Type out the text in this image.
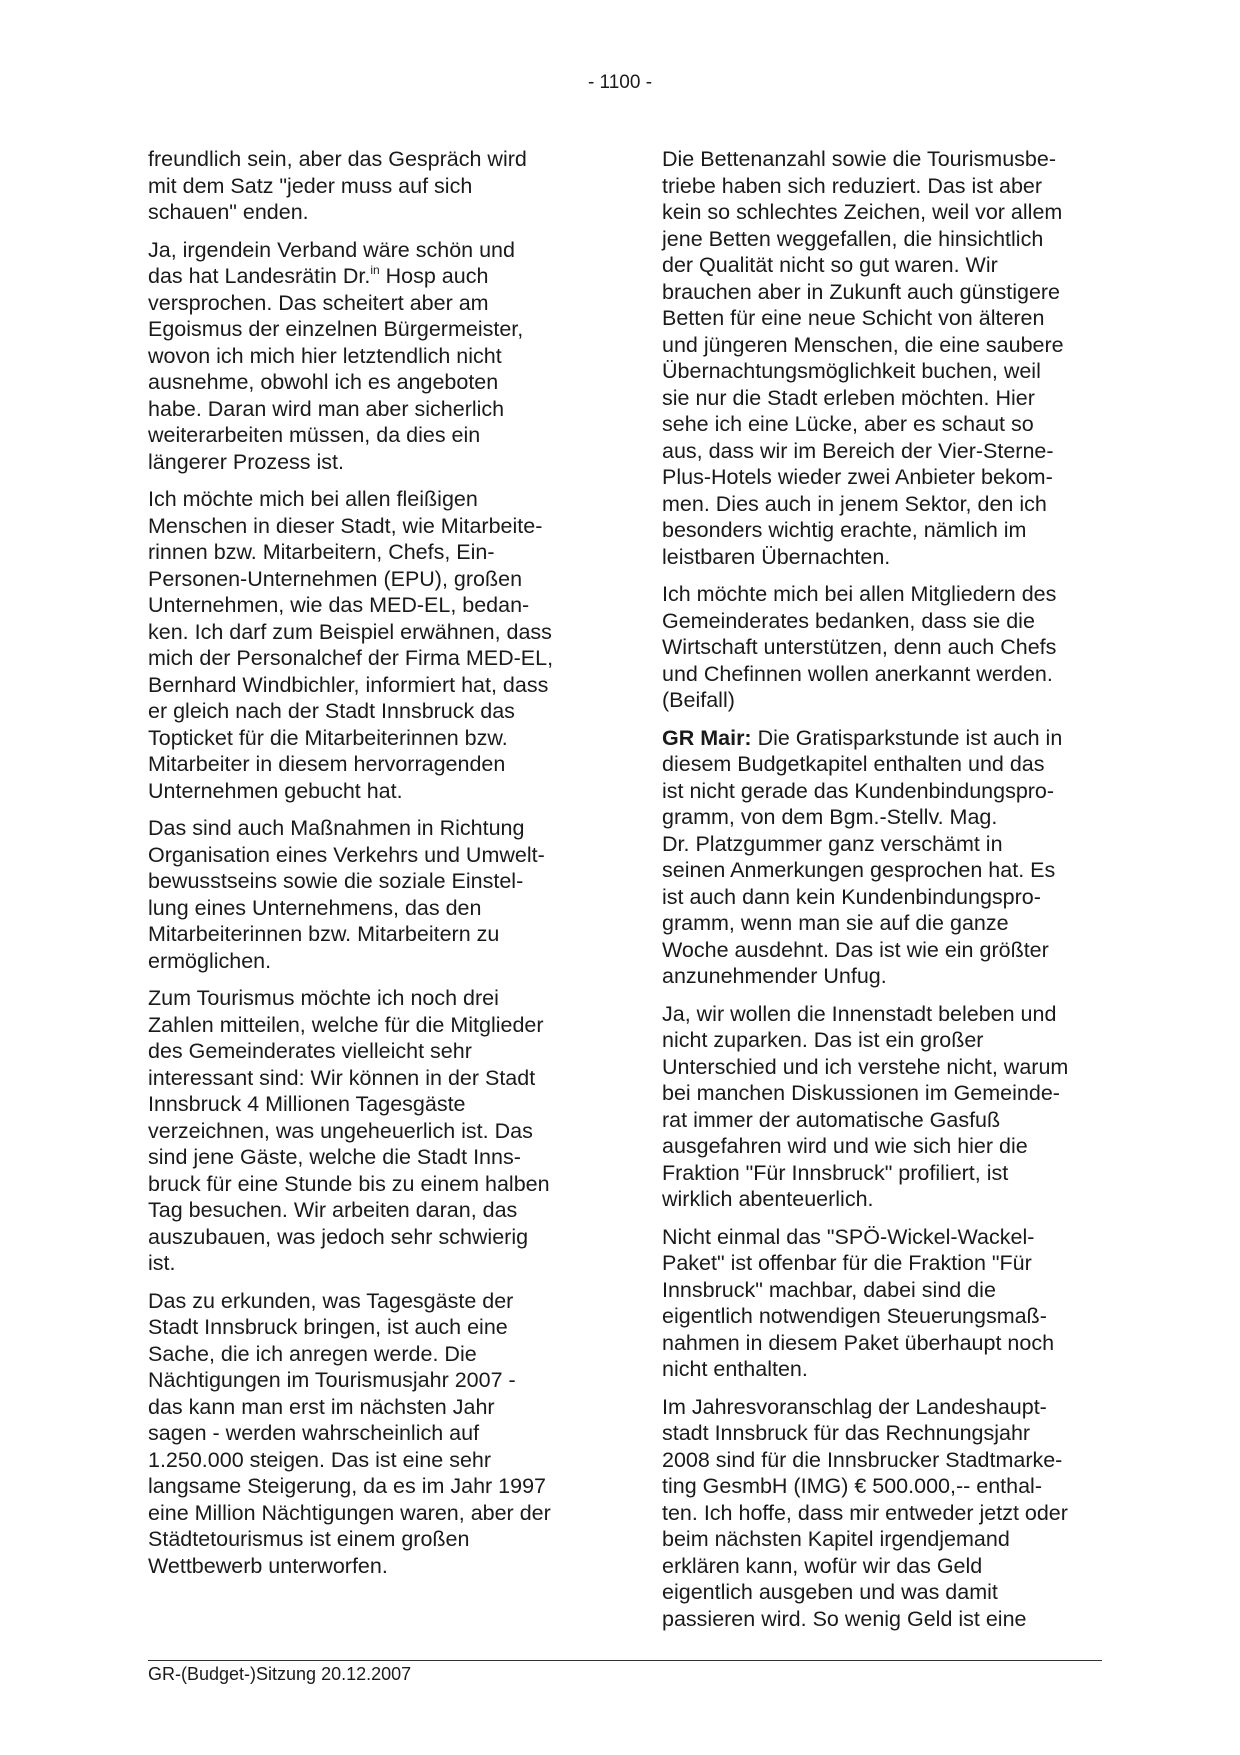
- 1100 -

freundlich sein, aber das Gespräch wird
mit dem Satz "jeder muss auf sich
schauen" enden.

Ja, irgendein Verband wäre schön und
das hat Landesrätin Dr.$^{in}$ Hosp auch
versprochen. Das scheitert aber am
Egoismus der einzelnen Bürgermeister,
wovon ich mich hier letztendlich nicht
ausnehme, obwohl ich es angeboten
habe. Daran wird man aber sicherlich
weiterarbeiten müssen, da dies ein
längerer Prozess ist.

Ich möchte mich bei allen fleißigen
Menschen in dieser Stadt, wie Mitarbeite-
rinnen bzw. Mitarbeitern, Chefs, Ein-
Personen-Unternehmen (EPU), großen
Unternehmen, wie das MED-EL, bedan-
ken. Ich darf zum Beispiel erwähnen, dass
mich der Personalchef der Firma MED-EL,
Bernhard Windbichler, informiert hat, dass
er gleich nach der Stadt Innsbruck das
Topticket für die Mitarbeiterinnen bzw.
Mitarbeiter in diesem hervorragenden
Unternehmen gebucht hat.

Das sind auch Maßnahmen in Richtung
Organisation eines Verkehrs und Umwelt-
bewusstseins sowie die soziale Einstel-
lung eines Unternehmens, das den
Mitarbeiterinnen bzw. Mitarbeitern zu
ermöglichen.

Zum Tourismus möchte ich noch drei
Zahlen mitteilen, welche für die Mitglieder
des Gemeinderates vielleicht sehr
interessant sind: Wir können in der Stadt
Innsbruck 4 Millionen Tagesgäste
verzeichnen, was ungeheuerlich ist. Das
sind jene Gäste, welche die Stadt Inns-
bruck für eine Stunde bis zu einem halben
Tag besuchen. Wir arbeiten daran, das
auszubauen, was jedoch sehr schwierig
ist.

Das zu erkunden, was Tagesgäste der
Stadt Innsbruck bringen, ist auch eine
Sache, die ich anregen werde. Die
Nächtigungen im Tourismusjahr 2007 -
das kann man erst im nächsten Jahr
sagen - werden wahrscheinlich auf
1.250.000 steigen. Das ist eine sehr
langsame Steigerung, da es im Jahr 1997
eine Million Nächtigungen waren, aber der
Städtetourismus ist einem großen
Wettbewerb unterworfen.

Die Bettenanzahl sowie die Tourismusbe-
triebe haben sich reduziert. Das ist aber
kein so schlechtes Zeichen, weil vor allem
jene Betten weggefallen, die hinsichtlich
der Qualität nicht so gut waren. Wir
brauchen aber in Zukunft auch günstigere
Betten für eine neue Schicht von älteren
und jüngeren Menschen, die eine saubere
Übernachtungsmöglichkeit buchen, weil
sie nur die Stadt erleben möchten. Hier
sehe ich eine Lücke, aber es schaut so
aus, dass wir im Bereich der Vier-Sterne-
Plus-Hotels wieder zwei Anbieter bekom-
men. Dies auch in jenem Sektor, den ich
besonders wichtig erachte, nämlich im
leistbaren Übernachten.

Ich möchte mich bei allen Mitgliedern des
Gemeinderates bedanken, dass sie die
Wirtschaft unterstützen, denn auch Chefs
und Chefinnen wollen anerkannt werden.
(Beifall)

GR Mair: Die Gratisparkstunde ist auch in
diesem Budgetkapitel enthalten und das
ist nicht gerade das Kundenbindungspro-
gramm, von dem Bgm.-Stellv. Mag.
Dr. Platzgummer ganz verschämt in
seinen Anmerkungen gesprochen hat. Es
ist auch dann kein Kundenbindungspro-
gramm, wenn man sie auf die ganze
Woche ausdehnt. Das ist wie ein größter
anzunehmender Unfug.

Ja, wir wollen die Innenstadt beleben und
nicht zuparken. Das ist ein großer
Unterschied und ich verstehe nicht, warum
bei manchen Diskussionen im Gemeinde-
rat immer der automatische Gasfuß
ausgefahren wird und wie sich hier die
Fraktion "Für Innsbruck" profiliert, ist
wirklich abenteuerlich.

Nicht einmal das "SPÖ-Wickel-Wackel-
Paket" ist offenbar für die Fraktion "Für
Innsbruck" machbar, dabei sind die
eigentlich notwendigen Steuerungsmaß-
nahmen in diesem Paket überhaupt noch
nicht enthalten.

Im Jahresvoranschlag der Landeshaupt-
stadt Innsbruck für das Rechnungsjahr
2008 sind für die Innsbrucker Stadtmarke-
ting GesmbH (IMG) € 500.000,-- enthal-
ten. Ich hoffe, dass mir entweder jetzt oder
beim nächsten Kapitel irgendjemand
erklären kann, wofür wir das Geld
eigentlich ausgeben und was damit
passieren wird. So wenig Geld ist eine

GR-(Budget-)Sitzung 20.12.2007
